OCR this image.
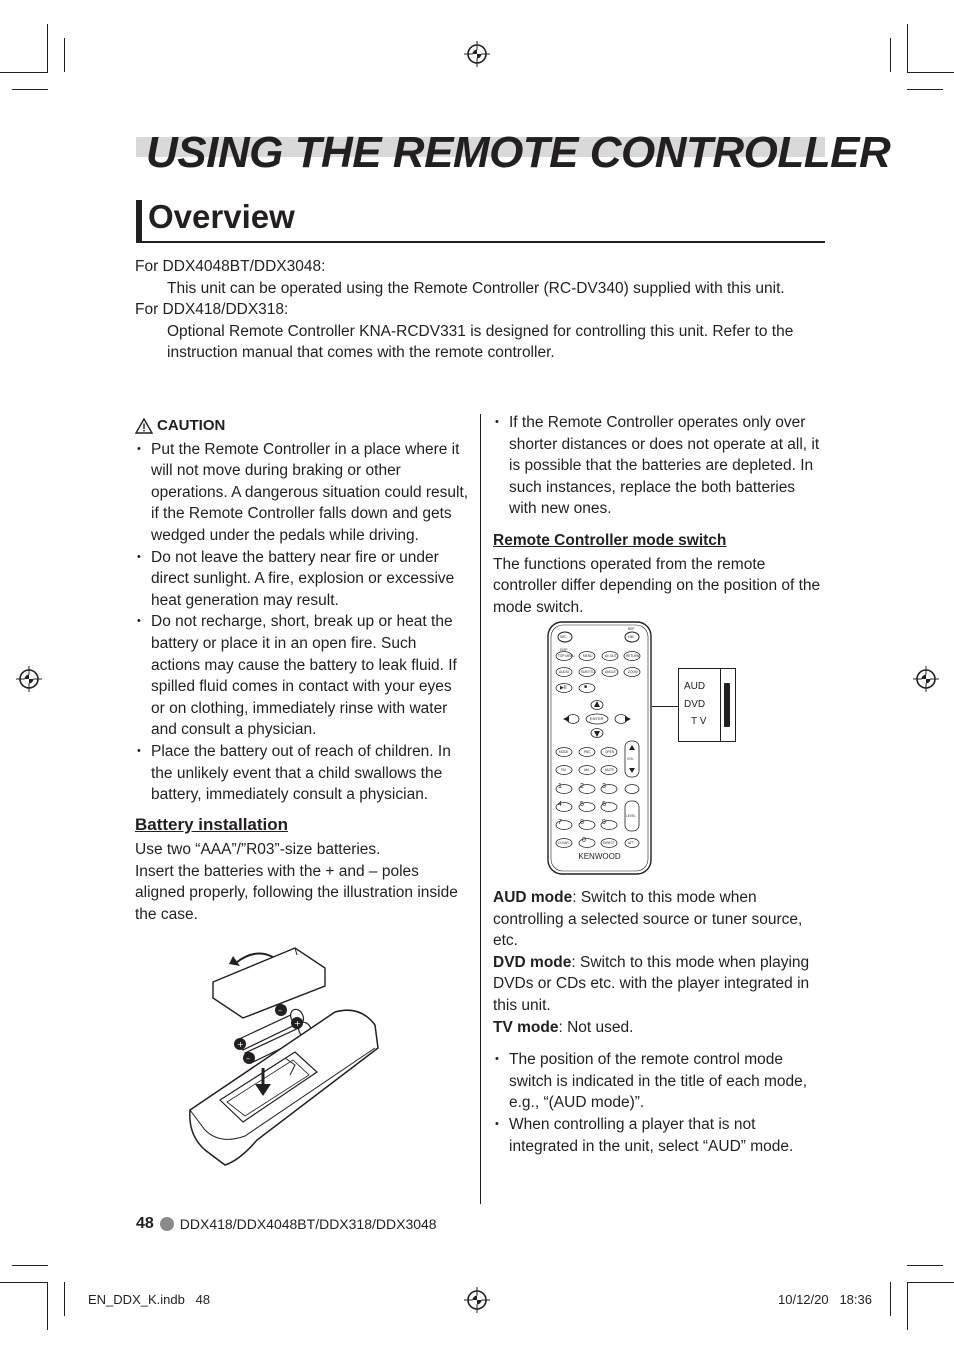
USING THE REMOTE CONTROLLER
Overview

For DDX4048BT/DDX3048:

This unit can be operated using the Remote Controller (RC-DV340) supplied with this unit.

For DDX418/DDX318:

Optional Remote Controller KNA-RCDV331 is designed for controlling this unit. Refer to the instruction manual that comes with the remote controller.

CAUTION
• Put the Remote Controller in a place where it will not move during braking or other operations. A dangerous situation could result, if the Remote Controller falls down and gets wedged under the pedals while driving.
• Do not leave the battery near fire or under direct sunlight. A fire, explosion or excessive heat generation may result.
• Do not recharge, short, break up or heat the battery or place it in an open fire. Such actions may cause the battery to leak fluid. If spilled fluid comes in contact with your eyes or on clothing, immediately rinse with water and consult a physician.
• Place the battery out of reach of children. In the unlikely event that a child swallows the battery, immediately consult a physician.
Battery installation

Use two “AAA”/”R03”-size batteries.

Insert the batteries with the + and – poles aligned properly, following the illustration inside the case.

+
–
–
+
• If the Remote Controller operates only over shorter distances or does not operate at all, it is possible that the batteries are depleted. In such instances, replace the both batteries with new ones.
Remote Controller mode switch

The functions operated from the remote controller differ depending on the position of the mode switch.

KENWOOD
SRC
REP
I/IIB
DISP
TOP MENU	MENU	AV OUT	RETURN
AUDIO	SUBTITLE	ANGLE	ZOOM
▶II	■
ENTER
MODE	PBC	OPEN
VOL
FM	AM	MUTE
1	2	3
4	5	6
LEVEL
7	8	9
0
CLEAR	DIRECT	ATT
AUD
DVD
T V

AUD mode: Switch to this mode when controlling a selected source or tuner source, etc.

DVD mode: Switch to this mode when playing DVDs or CDs etc. with the player integrated in this unit.

TV mode: Not used.

• The position of the remote control mode switch is indicated in the title of each mode, e.g., “(AUD mode)”.
• When controlling a player that is not integrated in the unit, select “AUD” mode.
48 DDX418/DDX4048BT/DDX318/DDX3048
EN_DDX_K.indb   48	10/12/20   18:36
